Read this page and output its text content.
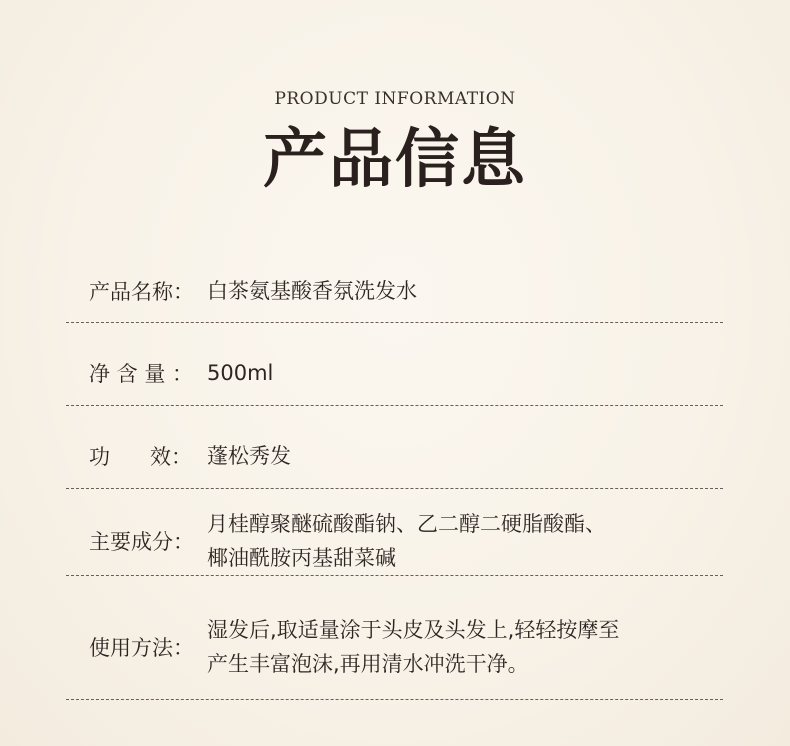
PRODUCT INFORMATION
产品信息
产品名称： 白茶氨基酸香氛洗发水
净 含 量 ： 500ml
功      效： 蓬松秀发
主要成分：
月桂醇聚醚硫酸酯钠、乙二醇二硬脂酸酯、
椰油酰胺丙基甜菜碱
使用方法：
湿发后,取适量涂于头皮及头发上,轻轻按摩至
产生丰富泡沫,再用清水冲洗干净。
